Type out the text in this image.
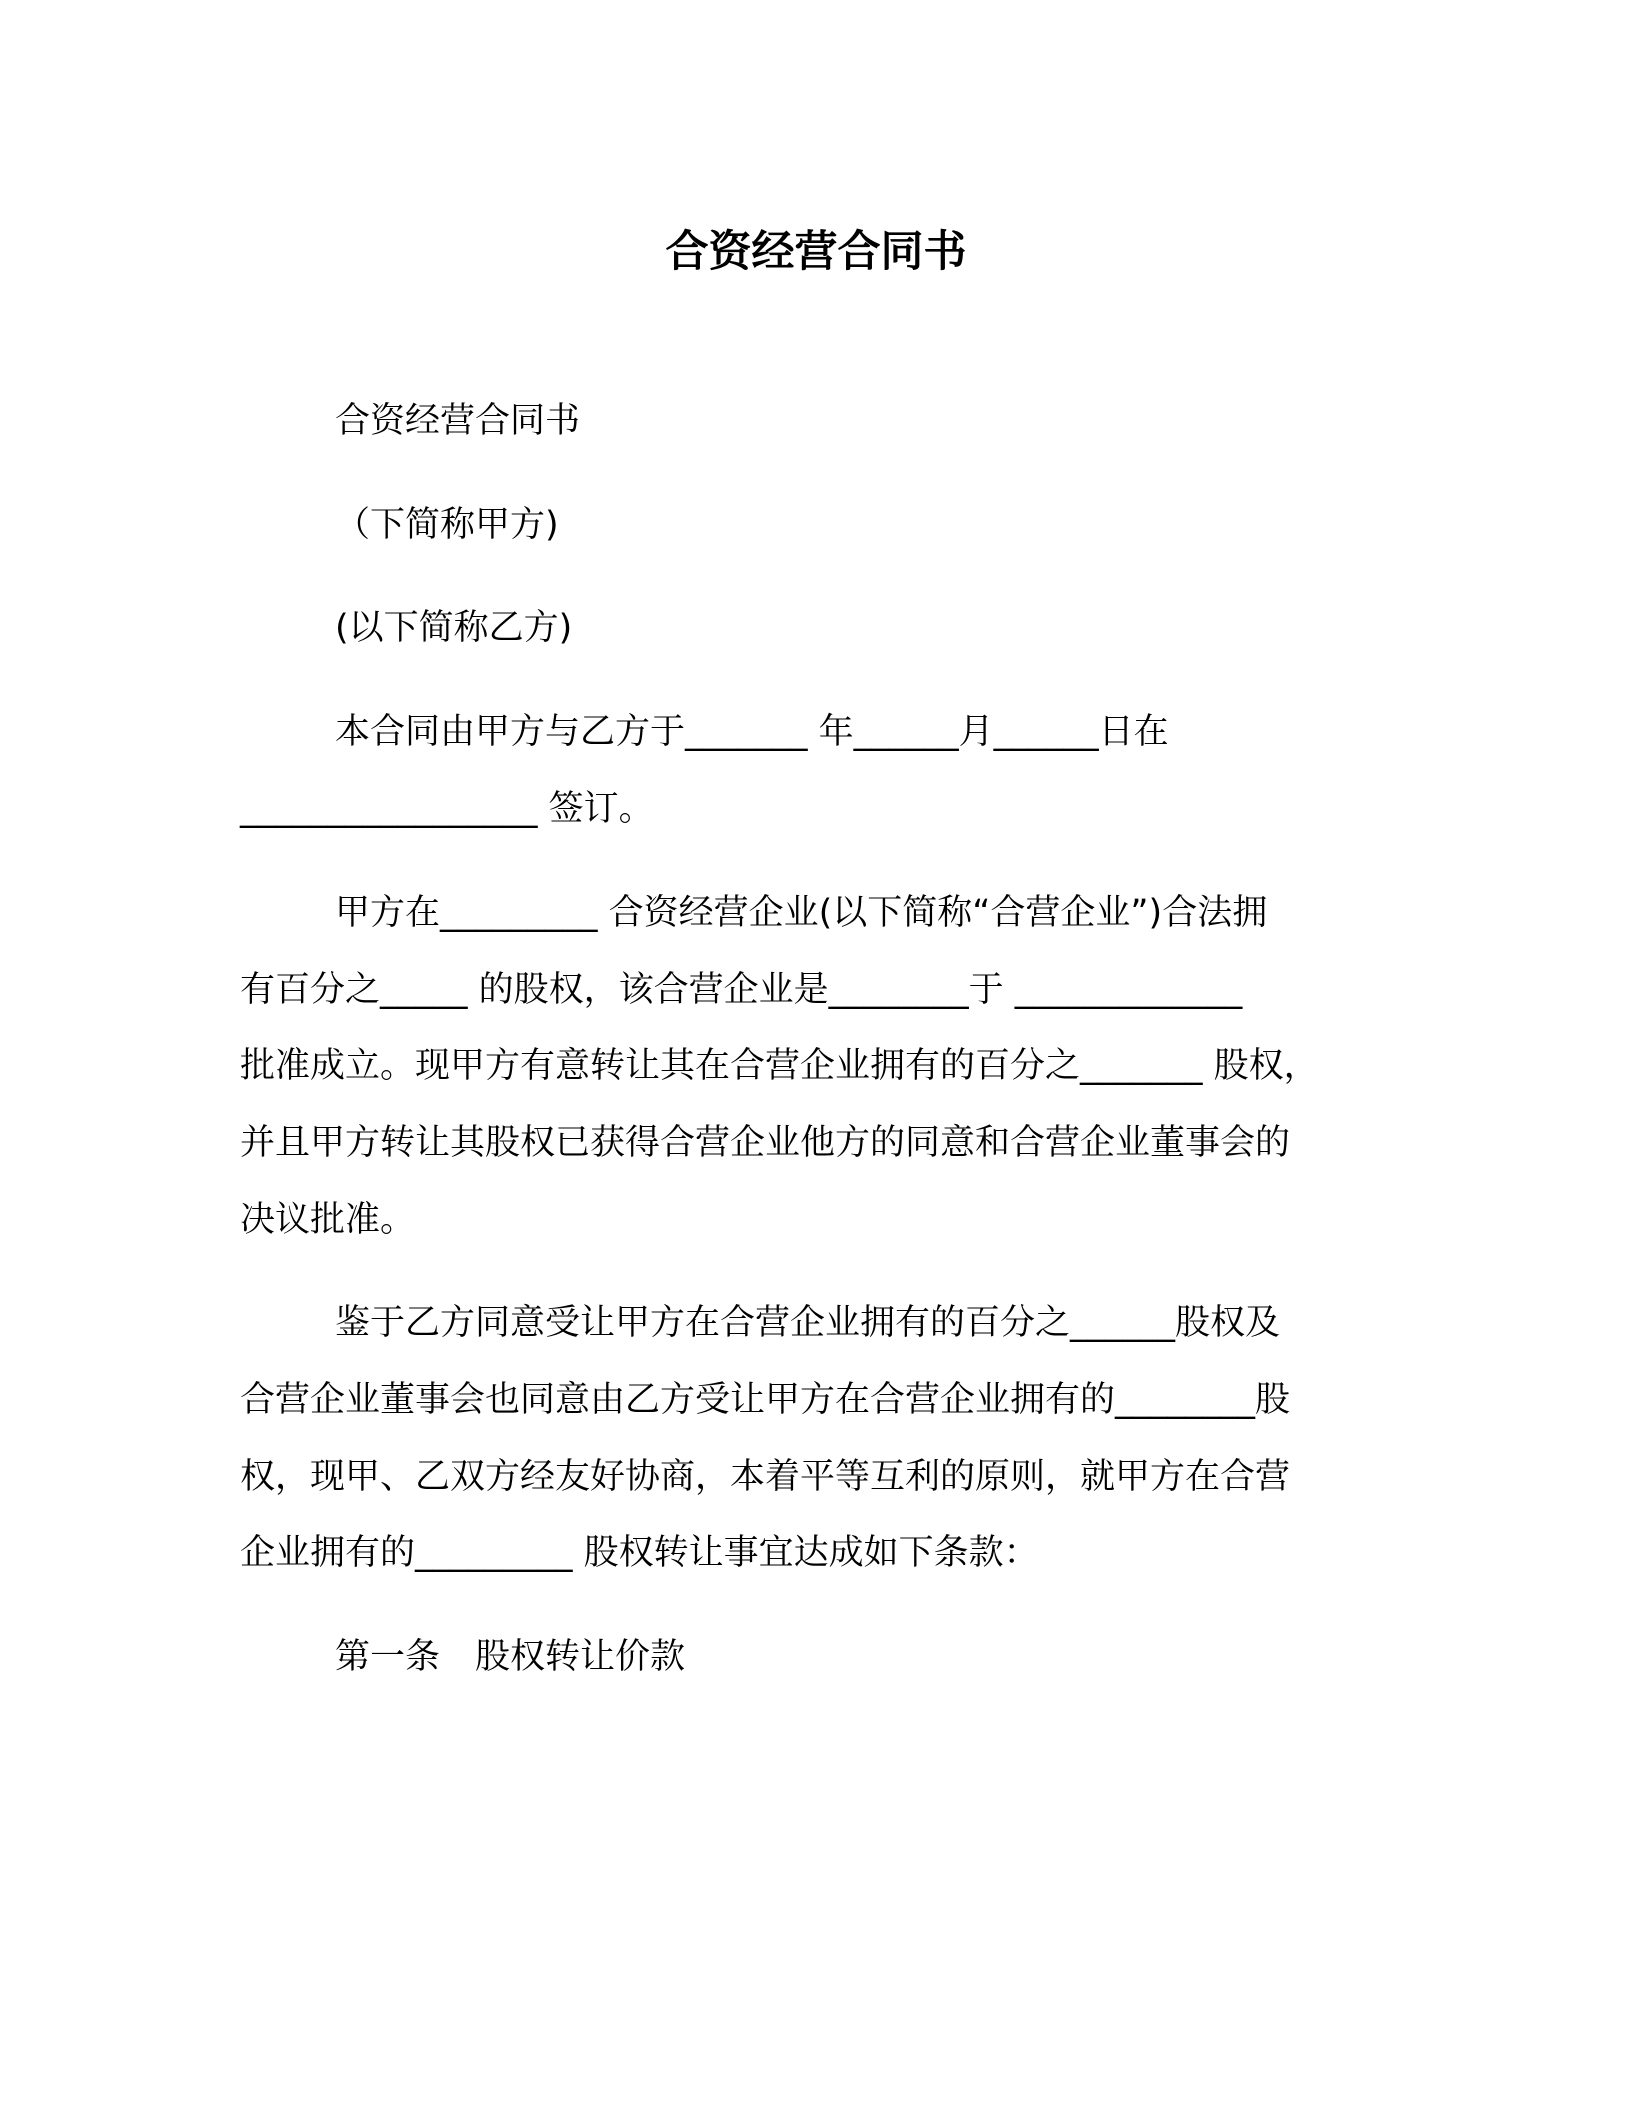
合资经营合同书

合资经营合同书

（下简称甲方)

(以下简称乙方)

本合同由甲方与乙方于_______ 年______月______日在

_________________ 签订。

甲方在_________ 合资经营企业(以下简称“合营企业”)合法拥

有百分之_____ 的股权，该合营企业是________于 _____________

批准成立。现甲方有意转让其在合营企业拥有的百分之_______ 股权，

并且甲方转让其股权已获得合营企业他方的同意和合营企业董事会的

决议批准。

鉴于乙方同意受让甲方在合营企业拥有的百分之______股权及

合营企业董事会也同意由乙方受让甲方在合营企业拥有的________股

权，现甲、乙双方经友好协商，本着平等互利的原则，就甲方在合营

企业拥有的_________ 股权转让事宜达成如下条款：

第一条　股权转让价款
